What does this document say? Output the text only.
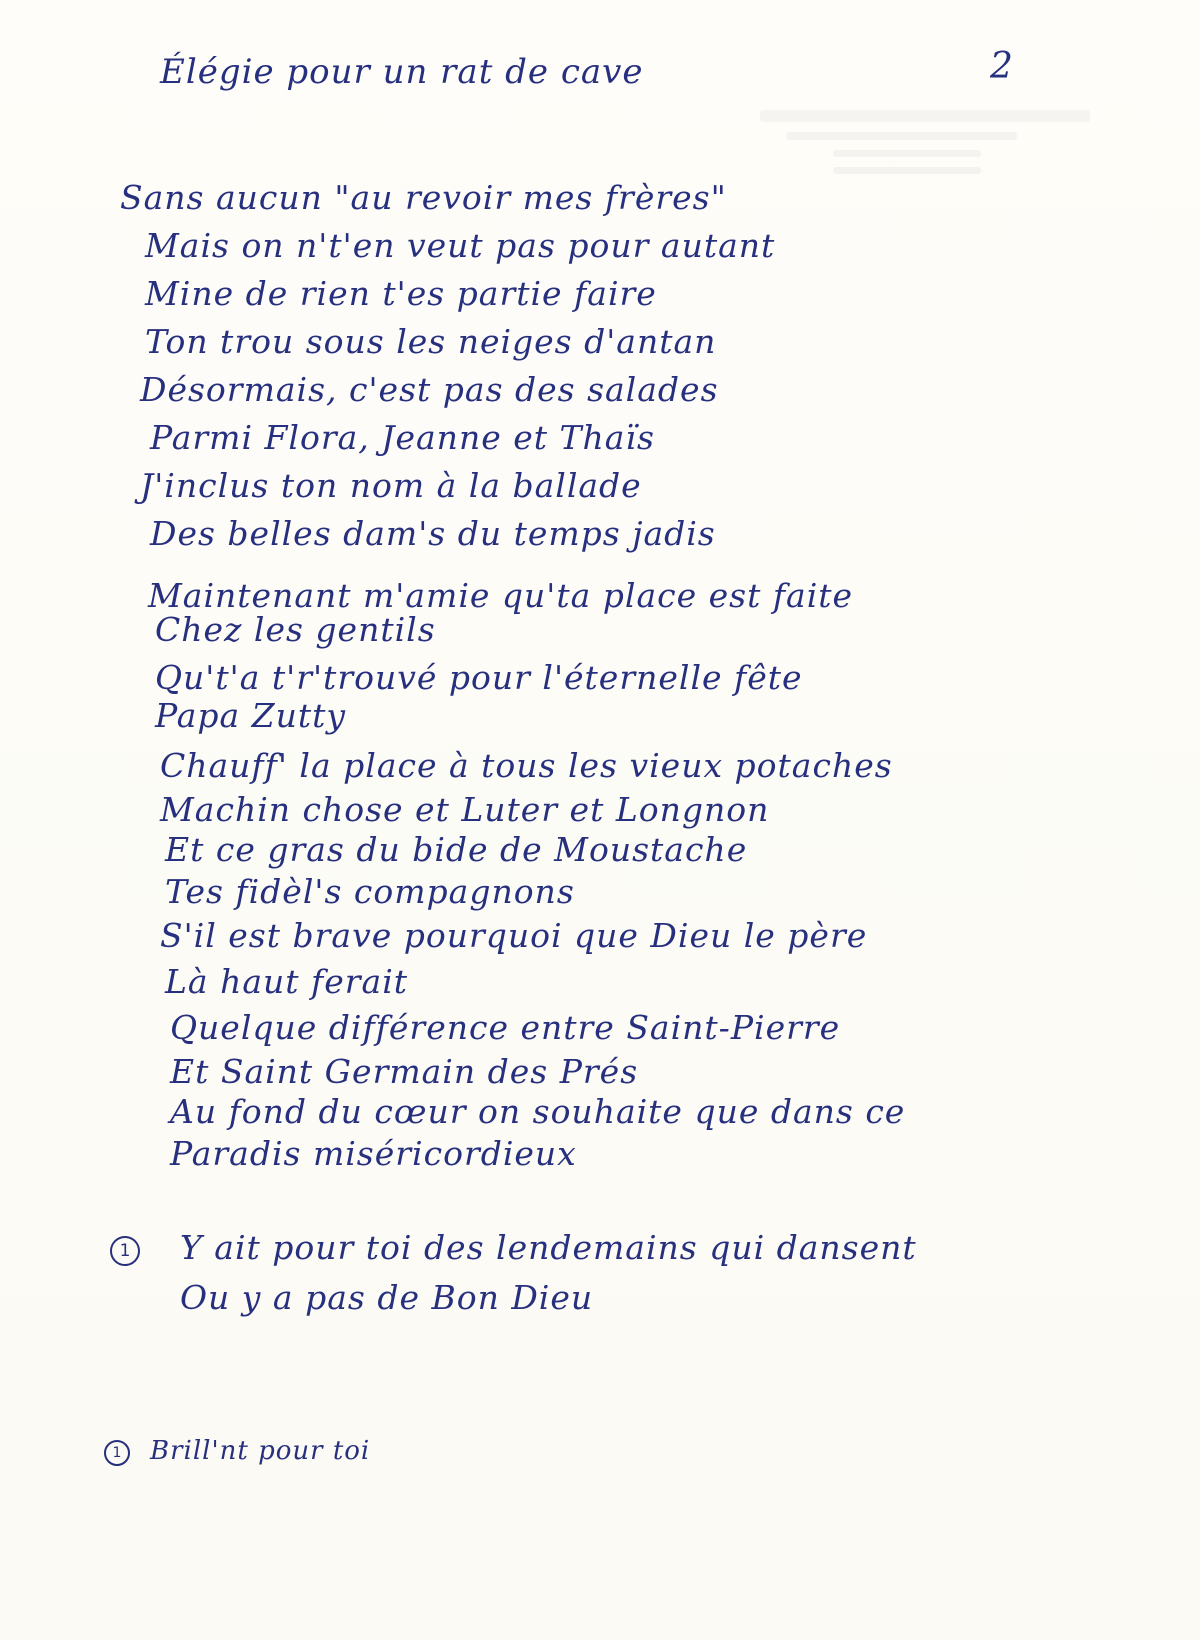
Élégie pour un rat de cave	2
Sans aucun "au revoir mes frères"
Mais on n't'en veut pas pour autant
Mine de rien t'es partie faire
Ton trou sous les neiges d'antan
Désormais, c'est pas des salades
Parmi Flora, Jeanne et Thaïs
J'inclus ton nom à la ballade
Des belles dam's du temps jadis
Maintenant m'amie qu'ta place est faite
Chez les gentils
Qu't'a t'r'trouvé pour l'éternelle fête
Papa Zutty
Chauff' la place à tous les vieux potaches
Machin chose et Luter et Longnon
Et ce gras du bide de Moustache
Tes fidèl's compagnons
S'il est brave pourquoi que Dieu le père
Là haut ferait
Quelque différence entre Saint-Pierre
Et Saint Germain des Prés
Au fond du cœur on souhaite que dans ce
Paradis miséricordieux
1 Y ait pour toi des lendemains qui dansent
Ou y a pas de Bon Dieu
1	Brill'nt pour toi
